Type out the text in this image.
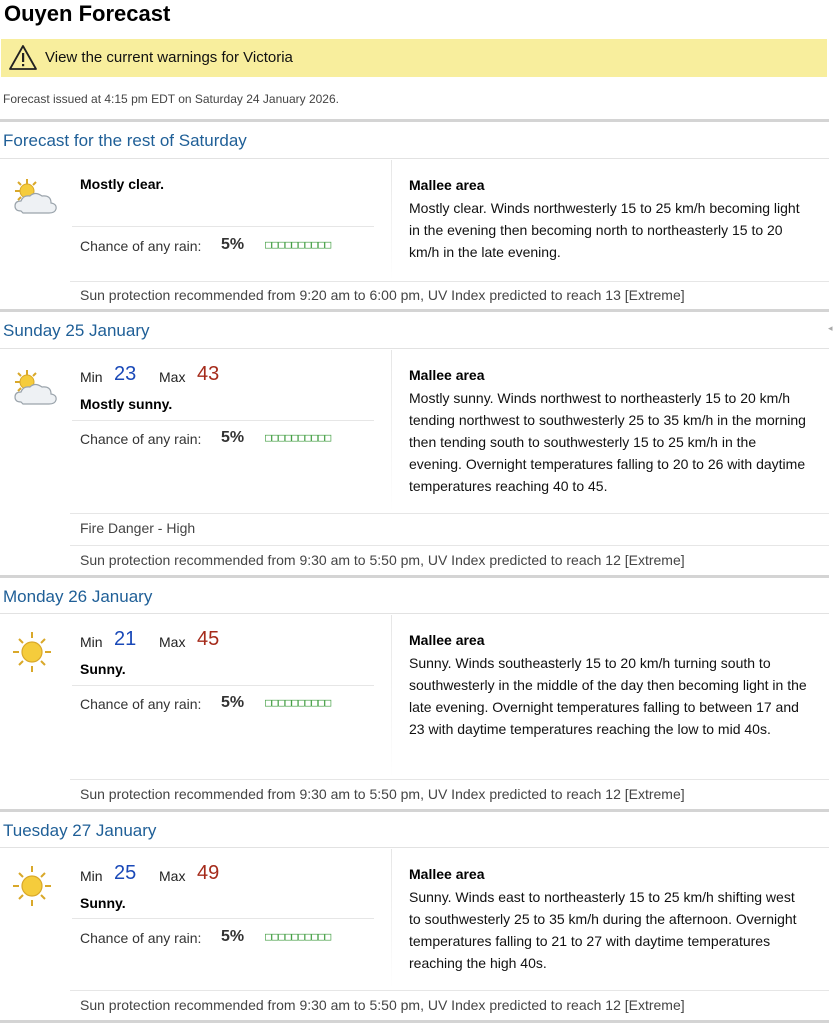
Ouyen Forecast
View the current warnings for Victoria
Forecast issued at 4:15 pm EDT on Saturday 24 January 2026.
Forecast for the rest of Saturday
Mostly clear.
Chance of any rain: 5% □□□□□□□□□□
Mallee area
Mostly clear. Winds northwesterly 15 to 25 km/h becoming light in the evening then becoming north to northeasterly 15 to 20 km/h in the late evening.
Sun protection recommended from 9:20 am to 6:00 pm, UV Index predicted to reach 13 [Extreme]
Sunday 25 January
Min 23 Max 43
Mostly sunny.
Chance of any rain: 5% □□□□□□□□□□
Mallee area
Mostly sunny. Winds northwest to northeasterly 15 to 20 km/h tending northwest to southwesterly 25 to 35 km/h in the morning then tending south to southwesterly 15 to 25 km/h in the evening. Overnight temperatures falling to 20 to 26 with daytime temperatures reaching 40 to 45.
Fire Danger - High
Sun protection recommended from 9:30 am to 5:50 pm, UV Index predicted to reach 12 [Extreme]
Monday 26 January
Min 21 Max 45
Sunny.
Chance of any rain: 5% □□□□□□□□□□
Mallee area
Sunny. Winds southeasterly 15 to 20 km/h turning south to southwesterly in the middle of the day then becoming light in the late evening. Overnight temperatures falling to between 17 and 23 with daytime temperatures reaching the low to mid 40s.
Sun protection recommended from 9:30 am to 5:50 pm, UV Index predicted to reach 12 [Extreme]
Tuesday 27 January
Min 25 Max 49
Sunny.
Chance of any rain: 5% □□□□□□□□□□
Mallee area
Sunny. Winds east to northeasterly 15 to 25 km/h shifting west to southwesterly 25 to 35 km/h during the afternoon. Overnight temperatures falling to 21 to 27 with daytime temperatures reaching the high 40s.
Sun protection recommended from 9:30 am to 5:50 pm, UV Index predicted to reach 12 [Extreme]
◂
